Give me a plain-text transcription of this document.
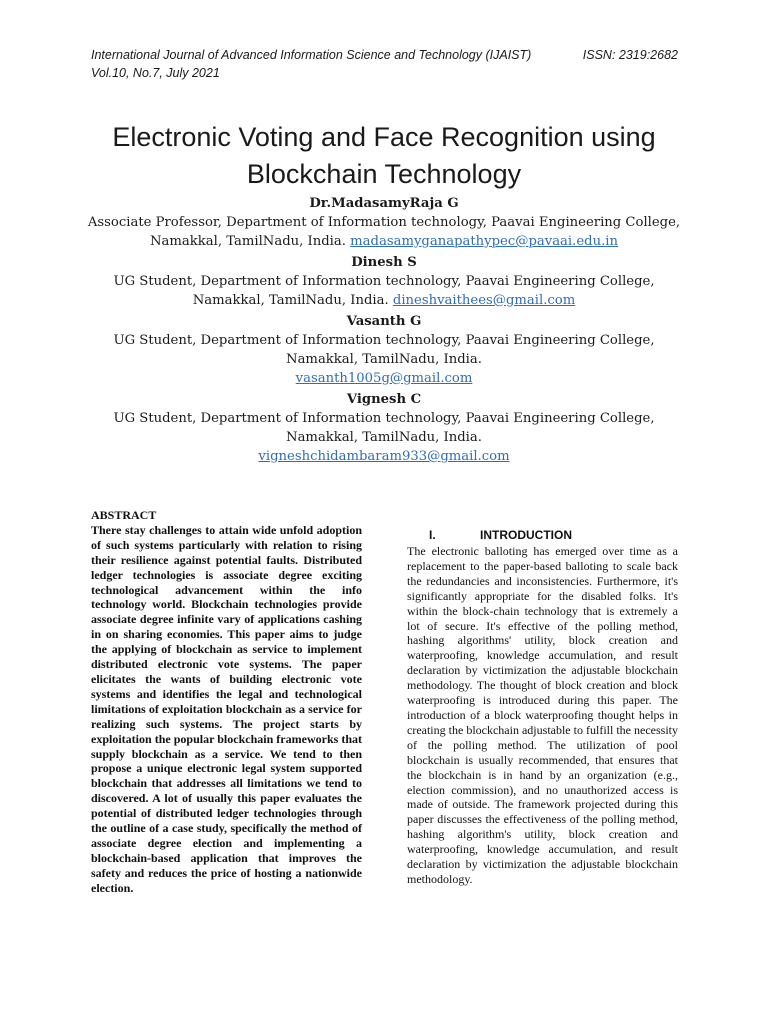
International Journal of Advanced Information Science and Technology (IJAIST)
Vol.10, No.7, July 2021
ISSN: 2319:2682
Electronic Voting and Face Recognition using Blockchain Technology
Dr.MadasamyRaja G
Associate Professor, Department of Information technology, Paavai Engineering College, Namakkal, TamilNadu, India. madasamyganapathypec@pavaai.edu.in
Dinesh S
UG Student, Department of Information technology, Paavai Engineering College, Namakkal, TamilNadu, India. dineshvaithees@gmail.com
Vasanth G
UG Student, Department of Information technology, Paavai Engineering College, Namakkal, TamilNadu, India.
vasanth1005g@gmail.com
Vignesh C
UG Student, Department of Information technology, Paavai Engineering College, Namakkal, TamilNadu, India.
vigneshchidambaram933@gmail.com
ABSTRACT
There stay challenges to attain wide unfold adoption of such systems particularly with relation to rising their resilience against potential faults. Distributed ledger technologies is associate degree exciting technological advancement within the info technology world. Blockchain technologies provide associate degree infinite vary of applications cashing in on sharing economies. This paper aims to judge the applying of blockchain as service to implement distributed electronic vote systems. The paper elicitates the wants of building electronic vote systems and identifies the legal and technological limitations of exploitation blockchain as a service for realizing such systems. The project starts by exploitation the popular blockchain frameworks that supply blockchain as a service. We tend to then propose a unique electronic legal system supported blockchain that addresses all limitations we tend to discovered. A lot of usually this paper evaluates the potential of distributed ledger technologies through the outline of a case study, specifically the method of associate degree election and implementing a blockchain-based application that improves the safety and reduces the price of hosting a nationwide election.
I.	INTRODUCTION
The electronic balloting has emerged over time as a replacement to the paper-based balloting to scale back the redundancies and inconsistencies. Furthermore, it's significantly appropriate for the disabled folks. It's within the block-chain technology that is extremely a lot of secure. It's effective of the polling method, hashing algorithms' utility, block creation and waterproofing, knowledge accumulation, and result declaration by victimization the adjustable blockchain methodology. The thought of block creation and block waterproofing is introduced during this paper. The introduction of a block waterproofing thought helps in creating the blockchain adjustable to fulfill the necessity of the polling method. The utilization of pool blockchain is usually recommended, that ensures that the blockchain is in hand by an organization (e.g., election commission), and no unauthorized access is made of outside. The framework projected during this paper discusses the effectiveness of the polling method, hashing algorithm's utility, block creation and waterproofing, knowledge accumulation, and result declaration by victimization the adjustable blockchain methodology.
